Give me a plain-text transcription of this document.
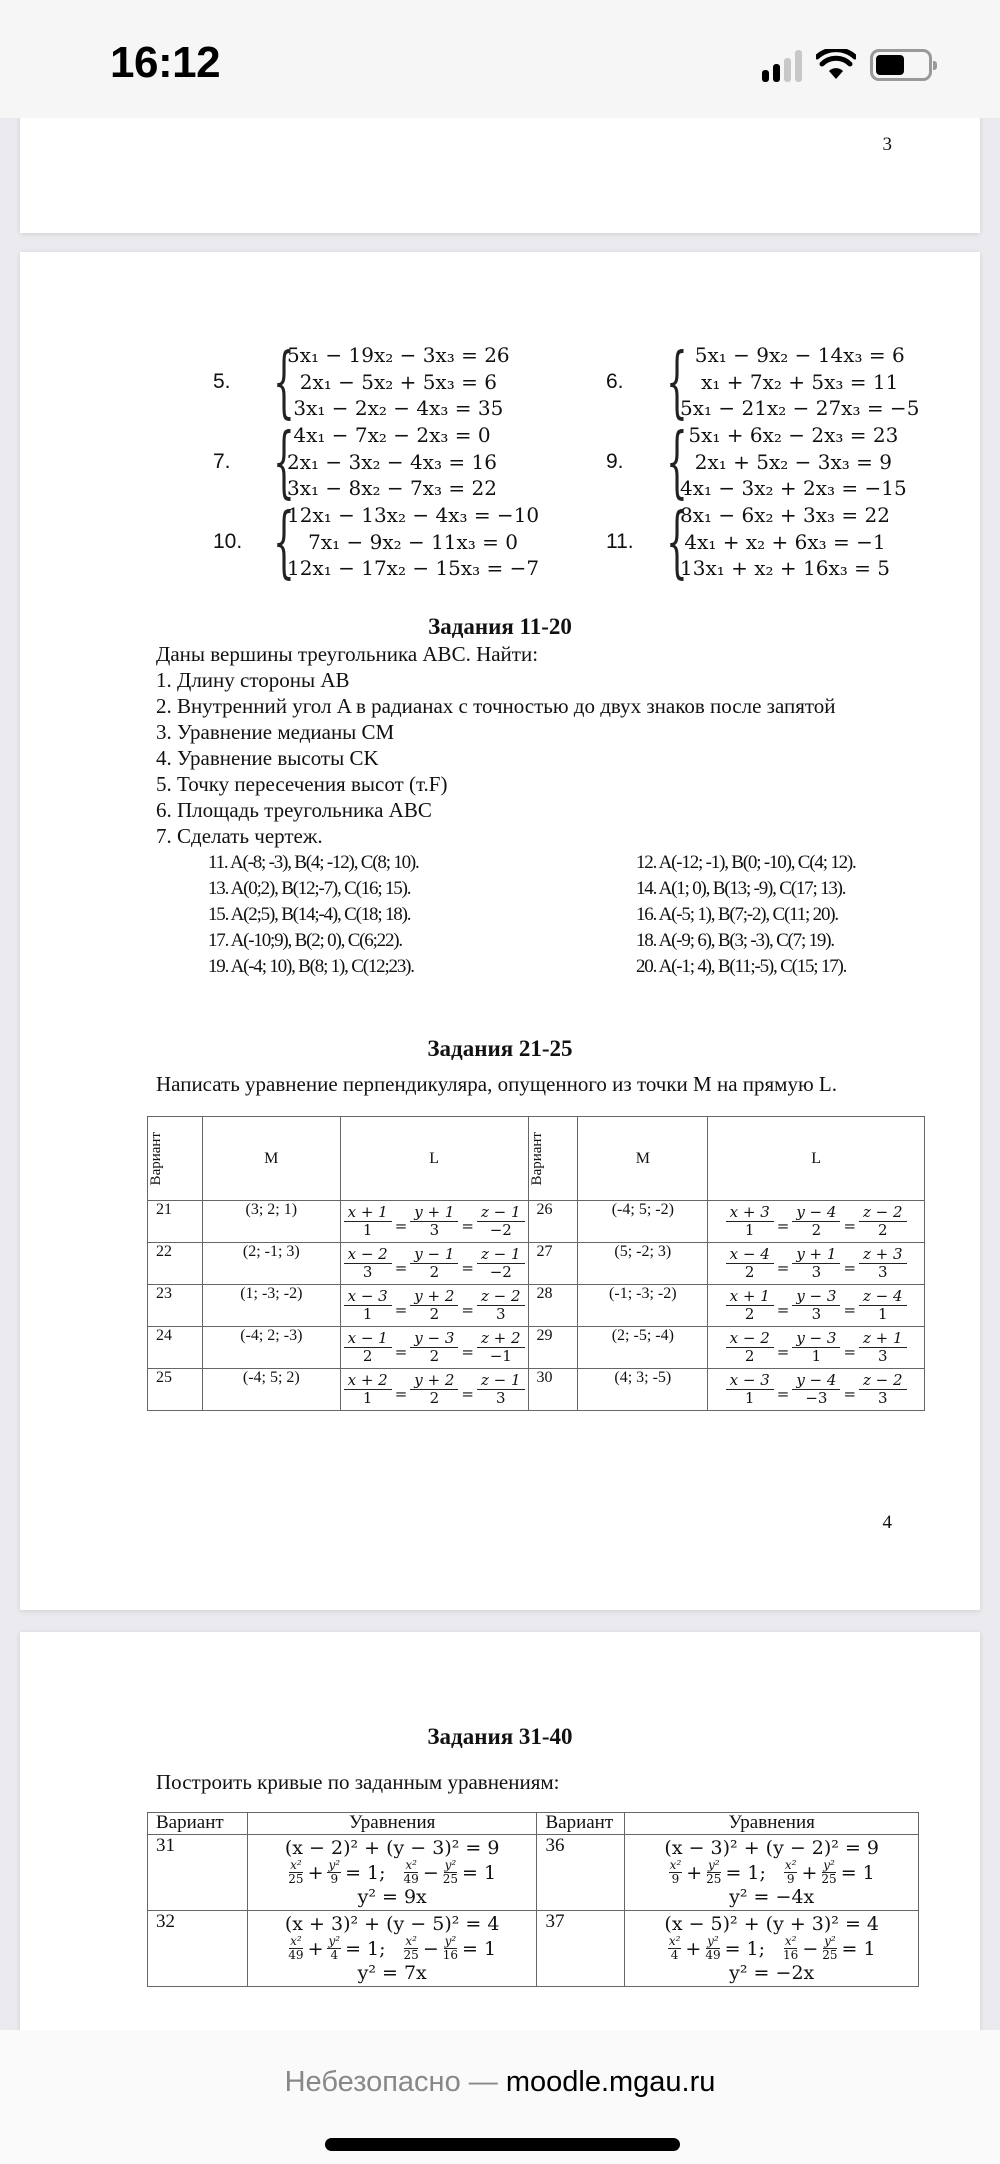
16:12
3
5. {
5x₁ − 19x₂ − 3x₃ = 26
2x₁ − 5x₂ + 5x₃ = 6
3x₁ − 2x₂ − 4x₃ = 35
6. { 5x₁ − 9x₂ − 14x₃ = 6
x₁ + 7x₂ + 5x₃ = 11
5x₁ − 21x₂ − 27x₃ = −5
7. {
4x₁ − 7x₂ − 2x₃ = 0
2x₁ − 3x₂ − 4x₃ = 16
3x₁ − 8x₂ − 7x₃ = 22
9. { 5x₁ + 6x₂ − 2x₃ = 23
2x₁ + 5x₂ − 3x₃ = 9
4x₁ − 3x₂ + 2x₃ = −15
10. {
12x₁ − 13x₂ − 4x₃ = −10
7x₁ − 9x₂ − 11x₃ = 0
12x₁ − 17x₂ − 15x₃ = −7
11. {
8x₁ − 6x₂ + 3x₃ = 22
4x₁ + x₂ + 6x₃ = −1
13x₁ + x₂ + 16x₃ = 5
Задания 11-20
Даны вершины треугольника ABC. Найти:
1. Длину стороны AB
2. Внутренний угол A в радианах с точностью до двух знаков после запятой
3. Уравнение медианы CM
4. Уравнение высоты CK
5. Точку пересечения высот (т.F)
6. Площадь треугольника ABC
7. Сделать чертеж.
11. A(-8; -3), B(4; -12), C(8; 10).
13. A(0;2), B(12;-7), C(16; 15).
15. A(2;5), B(14;-4), C(18; 18).
17. A(-10;9), B(2; 0), C(6;22).
19. A(-4; 10), B(8; 1), C(12;23).
12. A(-12; -1), B(0; -10), C(4; 12).
14. A(1; 0), B(13; -9), C(17; 13).
16. A(-5; 1), B(7;-2), C(11; 20).
18. A(-9; 6), B(3; -3), C(7; 19).
20. A(-1; 4), B(11;-5), C(15; 17).
Задания 21-25
Написать уравнение перпендикуляра, опущенного из точки M на прямую L.
Вариант	M	L	Вариант	M	L
21	(3; 2; 1)	$\frac{x + 1}{1} = \frac{y + 1}{3} = \frac{z - 1}{-2}$	26	(-4; 5; -2)	$\frac{x + 3}{1} = \frac{y - 4}{2} = \frac{z - 2}{2}$

22	(2; -1; 3)	$\frac{x - 2}{3} = \frac{y - 1}{2} = \frac{z - 1}{-2}$	27	(5; -2; 3)	$\frac{x - 4}{2} = \frac{y + 1}{3} = \frac{z + 3}{3}$

23	(1; -3; -2)	$\frac{x - 3}{1} = \frac{y + 2}{2} = \frac{z - 2}{3}$	28	(-1; -3; -2)	$\frac{x + 1}{2} = \frac{y - 3}{3} = \frac{z - 4}{1}$

24	(-4; 2; -3)	$\frac{x - 1}{2} = \frac{y - 3}{2} = \frac{z + 2}{-1}$	29	(2; -5; -4)	$\frac{x - 2}{2} = \frac{y - 3}{1} = \frac{z + 1}{3}$

25	(-4; 5; 2)	$\frac{x + 2}{1} = \frac{y + 2}{2} = \frac{z - 1}{3}$	30	(4; 3; -5)	$\frac{x - 3}{1} = \frac{y - 4}{-3} = \frac{z - 2}{3}$
4
Задания 31-40
Построить кривые по заданным уравнениям:
Вариант	Уравнения	Вариант	Уравнения
31	(x − 2)² + (y − 3)² = 9
x²
$25 + \frac{\text{y²}}{9} = 1$; x²
$49 - \frac{\text{y²}}{25} = 1$
y² = 9x
	36	(x − 3)² + (y − 2)² = 9
x²
$9 + \frac{\text{y²}}{25} = 1$; x²
$9 + \frac{\text{y²}}{25} = 1$
y² = −4x

32	(x + 3)² + (y − 5)² = 4
x²
$49 + \frac{\text{y²}}{4} = 1$; x²
$25 - \frac{\text{y²}}{16} = 1$
y² = 7x
	37	(x − 5)² + (y + 3)² = 4
x²
$4 + \frac{\text{y²}}{49} = 1$; x²
$16 - \frac{\text{y²}}{25} = 1$
y² = −2x
Небезопасно — moodle.mgau.ru
